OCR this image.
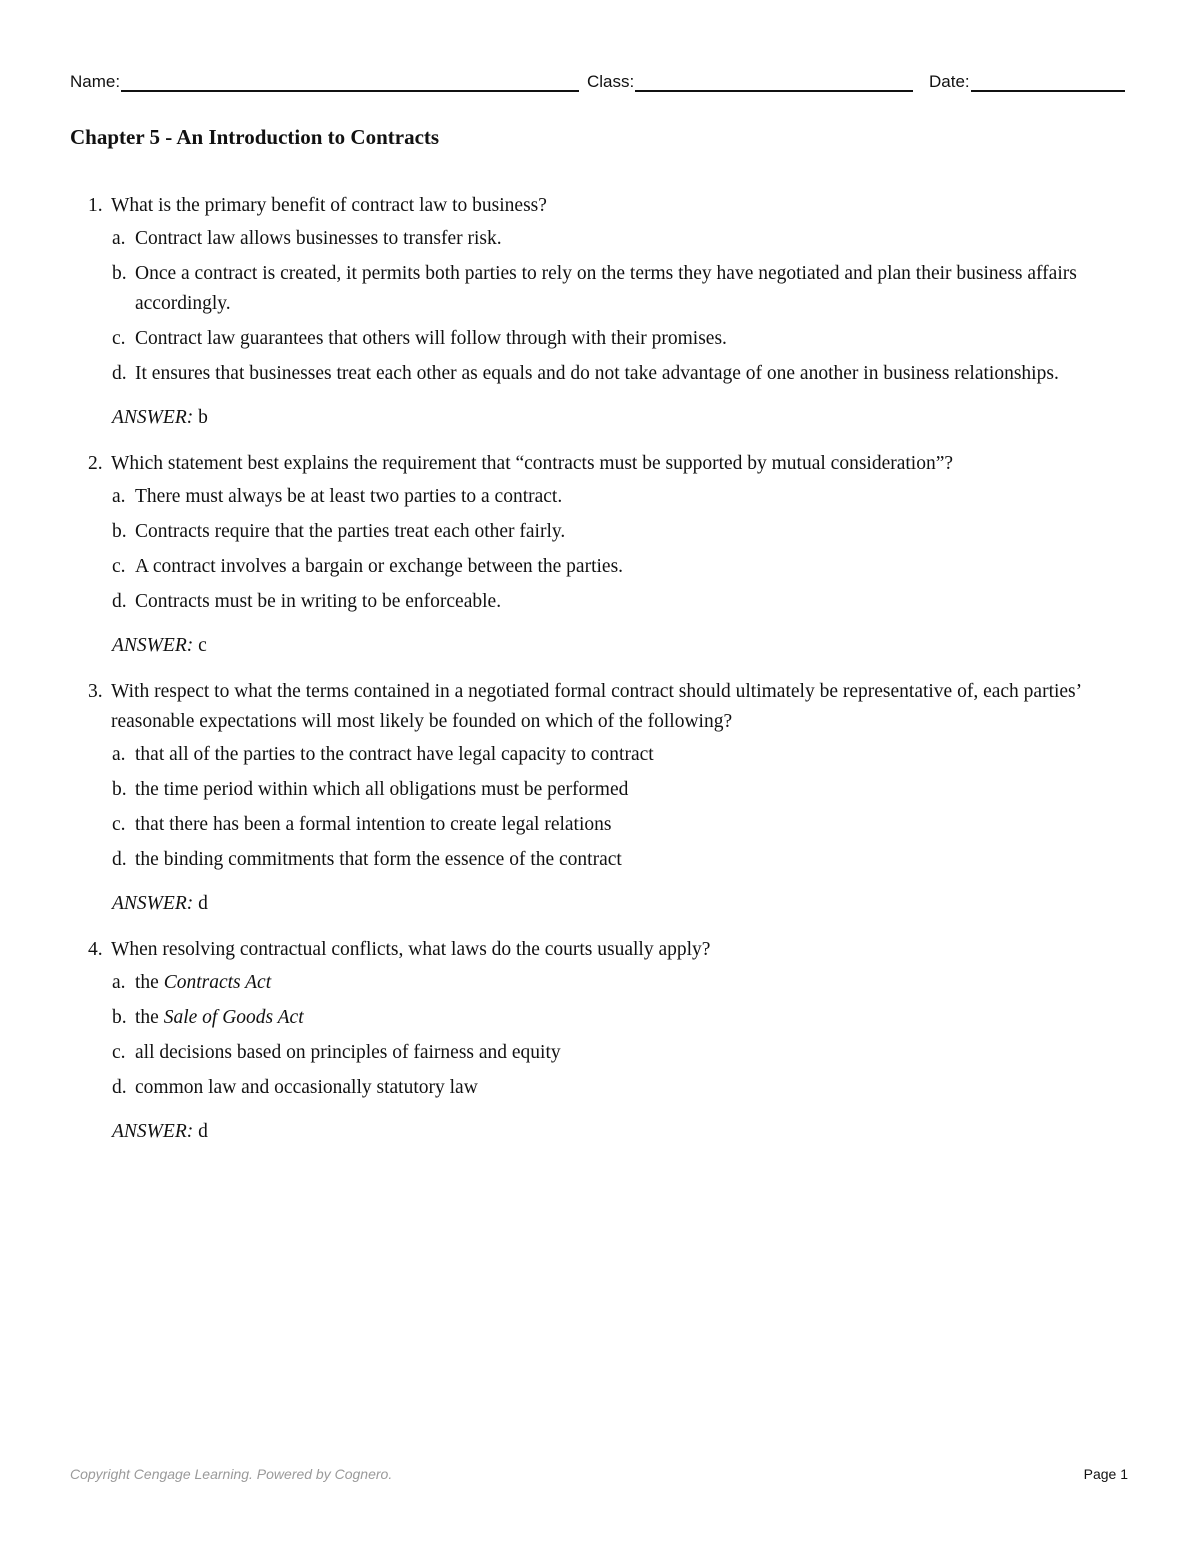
Name:	Class:	Date:
Chapter 5 - An Introduction to Contracts
1. What is the primary benefit of contract law to business?
a. Contract law allows businesses to transfer risk.
b. Once a contract is created, it permits both parties to rely on the terms they have negotiated and plan their business affairs accordingly.
c. Contract law guarantees that others will follow through with their promises.
d. It ensures that businesses treat each other as equals and do not take advantage of one another in business relationships.
ANSWER: b
2. Which statement best explains the requirement that “contracts must be supported by mutual consideration”?
a. There must always be at least two parties to a contract.
b. Contracts require that the parties treat each other fairly.
c. A contract involves a bargain or exchange between the parties.
d. Contracts must be in writing to be enforceable.
ANSWER: c
3. With respect to what the terms contained in a negotiated formal contract should ultimately be representative of, each parties’ reasonable expectations will most likely be founded on which of the following?
a. that all of the parties to the contract have legal capacity to contract
b. the time period within which all obligations must be performed
c. that there has been a formal intention to create legal relations
d. the binding commitments that form the essence of the contract
ANSWER: d
4. When resolving contractual conflicts, what laws do the courts usually apply?
a. the Contracts Act
b. the Sale of Goods Act
c. all decisions based on principles of fairness and equity
d. common law and occasionally statutory law
ANSWER: d
Copyright Cengage Learning. Powered by Cognero.	Page 1
